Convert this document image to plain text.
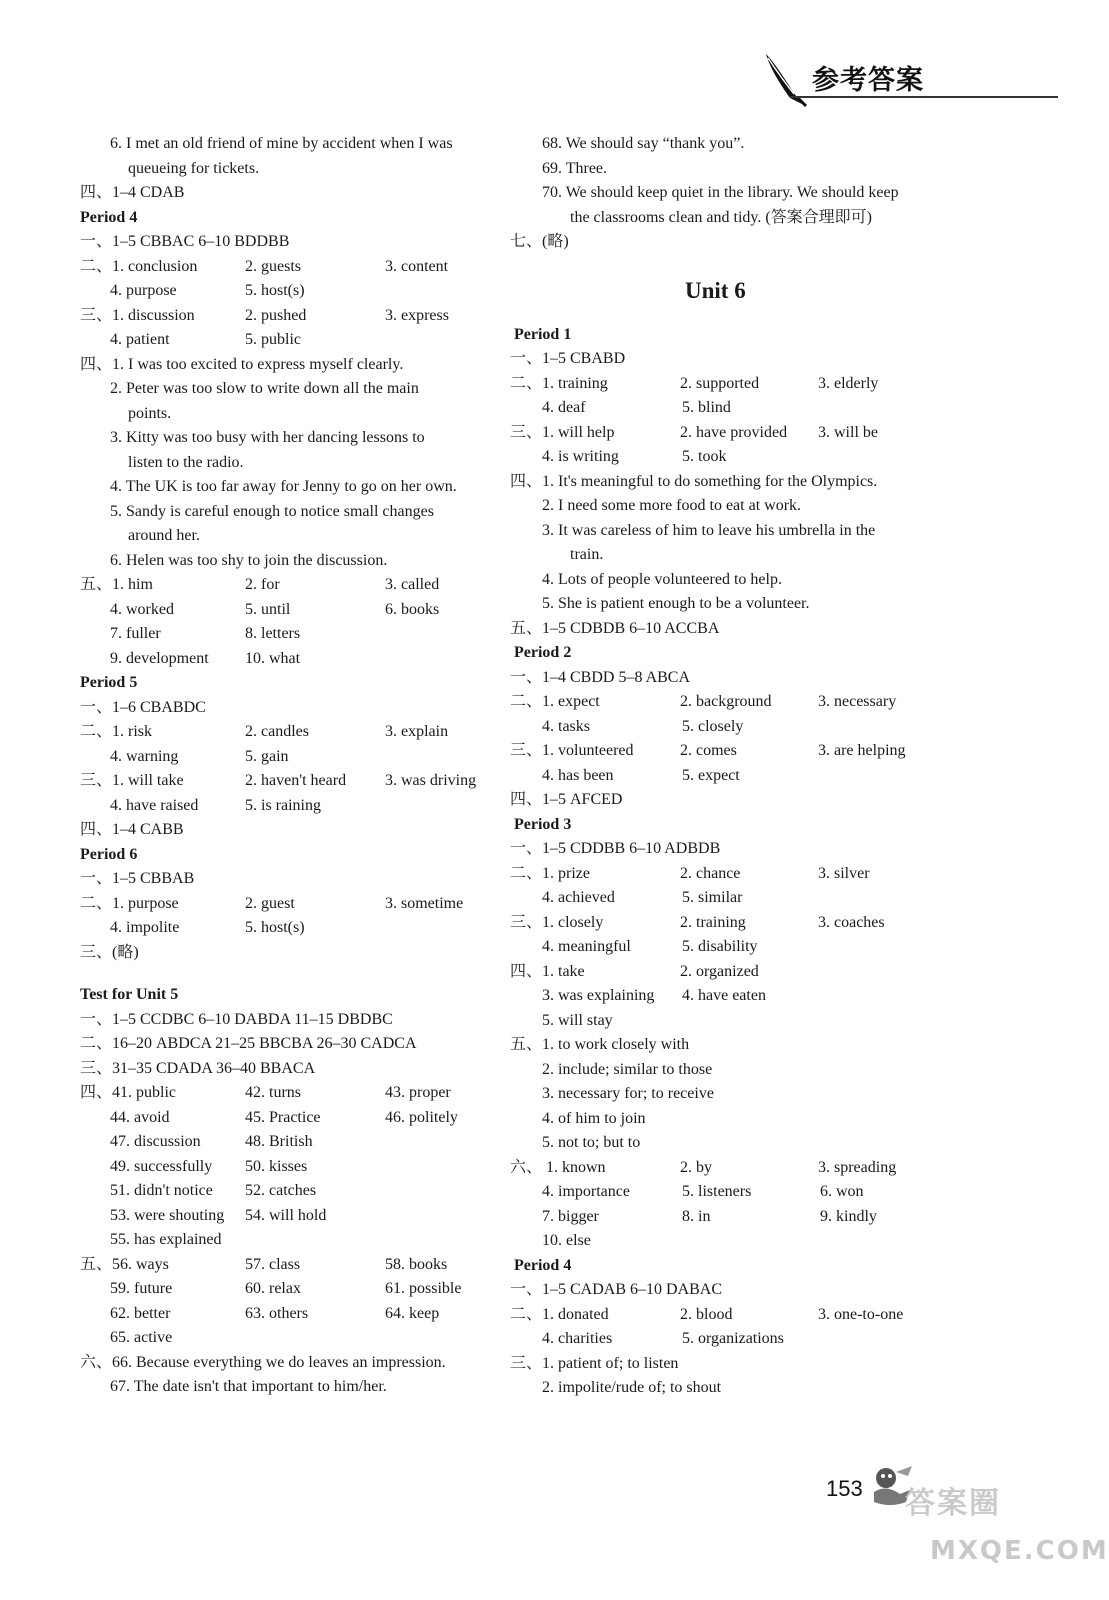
参考答案
6. I met an old friend of mine by accident when I was
queueing for tickets.
四、1–4 CDAB
Period 4
一、1–5 CBBAC 6–10 BDDBB
二、1. conclusion	2. guests	3. content
4. purpose	5. host(s)
三、1. discussion	2. pushed	3. express
4. patient	5. public
四、1. I was too excited to express myself clearly.
2. Peter was too slow to write down all the main
points.
3. Kitty was too busy with her dancing lessons to
listen to the radio.
4. The UK is too far away for Jenny to go on her own.
5. Sandy is careful enough to notice small changes
around her.
6. Helen was too shy to join the discussion.
五、1. him	2. for	3. called
4. worked	5. until	6. books
7. fuller	8. letters
9. development 10. what
Period 5
一、1–6 CBABDC
二、1. risk	2. candles	3. explain
4. warning	5. gain
三、1. will take	2. haven't heard 3. was driving
4. have raised	5. is raining
四、1–4 CABB
Period 6
一、1–5 CBBAB
二、1. purpose	2. guest	3. sometime
4. impolite	5. host(s)
三、(略)
Test for Unit 5
一、1–5 CCDBC 6–10 DABDA 11–15 DBDBC
二、16–20 ABDCA 21–25 BBCBA 26–30 CADCA
三、31–35 CDADA 36–40 BBACA
四、41. public	42. turns	43. proper
44. avoid	45. Practice	46. politely
47. discussion	48. British
49. successfully 50. kisses
51. didn't notice 52. catches
53. were shouting 54. will hold
55. has explained
五、56. ways	57. class	58. books
59. future	60. relax	61. possible
62. better	63. others	64. keep
65. active
六、66. Because everything we do leaves an impression.
67. The date isn't that important to him/her.
68. We should say “thank you”.
69. Three.
70. We should keep quiet in the library. We should keep
the classrooms clean and tidy. (答案合理即可)
七、(略)
Unit 6
Period 1
一、1–5 CBABD
二、1. training	2. supported	3. elderly
4. deaf	5. blind
三、1. will help	2. have provided 3. will be
4. is writing	5. took
四、1. It's meaningful to do something for the Olympics.
2. I need some more food to eat at work.
3. It was careless of him to leave his umbrella in the
train.
4. Lots of people volunteered to help.
5. She is patient enough to be a volunteer.
五、1–5 CDBDB 6–10 ACCBA
Period 2
一、1–4 CBDD 5–8 ABCA
二、1. expect	2. background	3. necessary
4. tasks	5. closely
三、1. volunteered	2. comes	3. are helping
4. has been	5. expect
四、1–5 AFCED
Period 3
一、1–5 CDDBB 6–10 ADBDB
二、1. prize	2. chance	3. silver
4. achieved	5. similar
三、1. closely	2. training	3. coaches
4. meaningful	5. disability
四、1. take	2. organized
3. was explaining 4. have eaten
5. will stay
五、1. to work closely with
2. include; similar to those
3. necessary for; to receive
4. of him to join
5. not to; but to
六、 1. known	2. by	3. spreading
4. importance	5. listeners	6. won
7. bigger	8. in	9. kindly
10. else
Period 4
一、1–5 CADAB 6–10 DABAC
二、1. donated	2. blood	3. one-to-one
4. charities	5. organizations
三、1. patient of; to listen
2. impolite/rude of; to shout
153 答案圈
MXQE.COM
